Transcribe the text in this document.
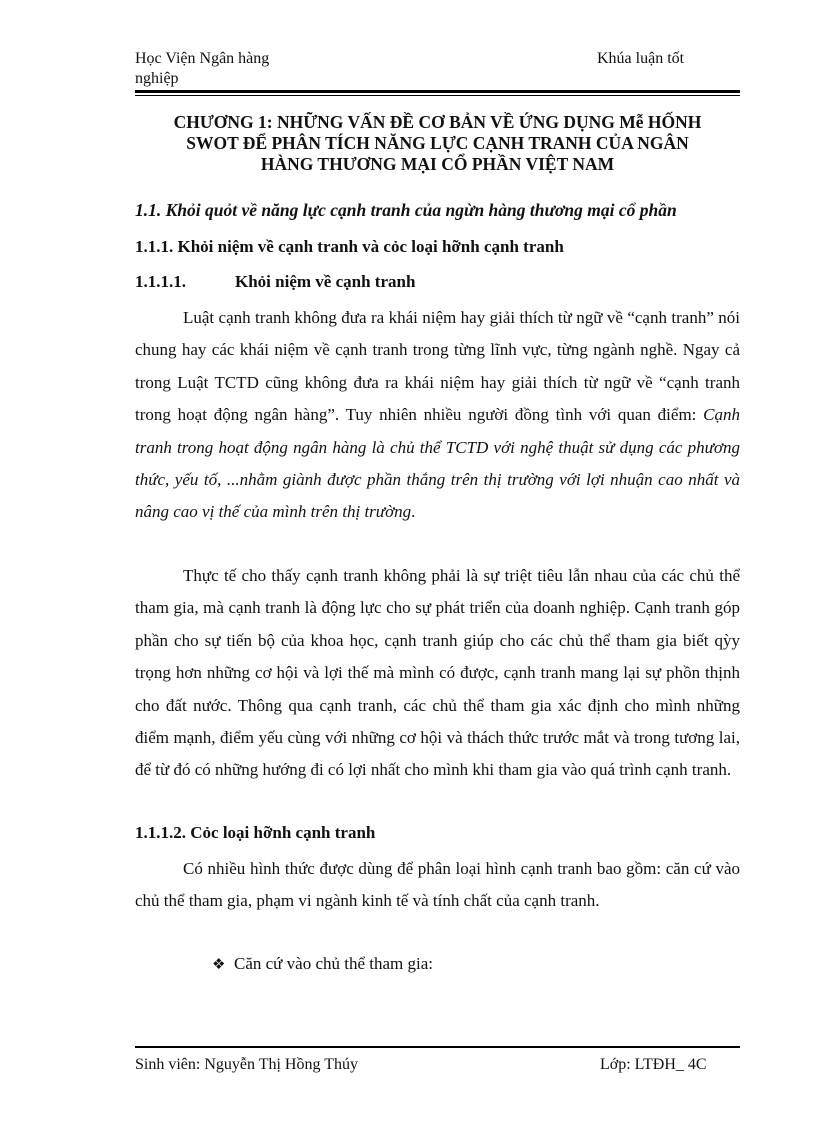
Học Viện Ngân hàng
nghiệp
Khúa luận tốt
CHƯƠNG 1: NHỮNG VẤN ĐỀ CƠ BẢN VỀ ỨNG DỤNG Mễ HỐNH
SWOT ĐỂ PHÂN TÍCH NĂNG LỰC CẠNH TRANH CỦA NGÂN
HÀNG THƯƠNG MẠI CỔ PHẦN VIỆT NAM
1.1. Khỏi quỏt về năng lực cạnh tranh của ngừn hàng thương mại cổ phần
1.1.1. Khỏi niệm về cạnh tranh và cỏc loại hỡnh cạnh tranh
1.1.1.1.	Khỏi niệm về cạnh tranh
Luật cạnh tranh không đưa ra khái niệm hay giải thích từ ngữ về “cạnh tranh” nói chung hay các khái niệm về cạnh tranh trong từng lĩnh vực, từng ngành nghề. Ngay cả trong Luật TCTD cũng không đưa ra khái niệm hay giải thích từ ngữ về “cạnh tranh trong hoạt động ngân hàng”. Tuy nhiên nhiều người đồng tình với quan điểm: Cạnh tranh trong hoạt động ngân hàng là chủ thể TCTD với nghệ thuật sử dụng các phương thức, yếu tố, ...nhằm giành được phần thắng trên thị trường với lợi nhuận cao nhất và nâng cao vị thế của mình trên thị trường.
Thực tế cho thấy cạnh tranh không phải là sự triệt tiêu lẫn nhau của các chủ thể tham gia, mà cạnh tranh là động lực cho sự phát triển của doanh nghiệp. Cạnh tranh góp phần cho sự tiến bộ của khoa học, cạnh tranh giúp cho các chủ thể tham gia biết qỳy trọng hơn những cơ hội và lợi thế mà mình có được, cạnh tranh mang lại sự phồn thịnh cho đất nước. Thông qua cạnh tranh, các chủ thể tham gia xác định cho mình những điểm mạnh, điểm yếu cùng với những cơ hội và thách thức trước mắt và trong tương lai, để từ đó có những hướng đi có lợi nhất cho mình khi tham gia vào quá trình cạnh tranh.
1.1.1.2. Cỏc loại hỡnh cạnh tranh
Có nhiều hình thức được dùng để phân loại hình cạnh tranh bao gồm: căn cứ vào chủ thể tham gia, phạm vi ngành kinh tế và tính chất của cạnh tranh.
❖ Căn cứ vào chủ thể tham gia:
Sinh viên: Nguyễn Thị Hồng Thúy	Lớp: LTĐH_ 4C
